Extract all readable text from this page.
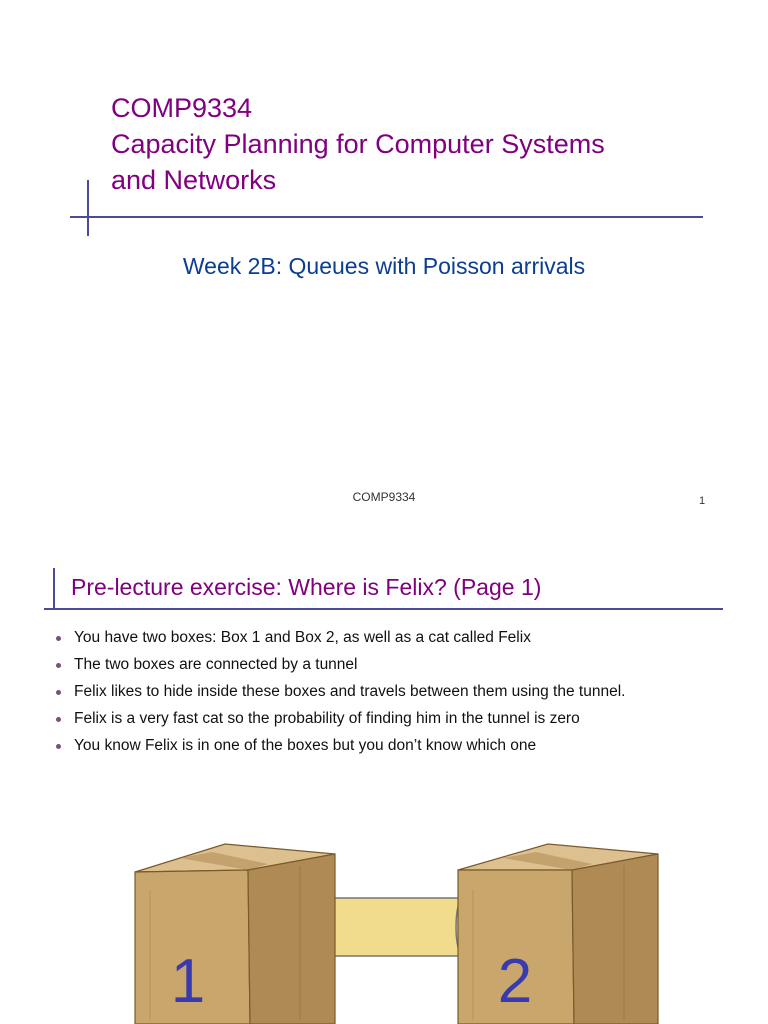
COMP9334
Capacity Planning for Computer Systems
and Networks
Week 2B: Queues with Poisson arrivals
COMP9334	1
Pre-lecture exercise: Where is Felix? (Page 1)
You have two boxes: Box 1 and Box 2, as well as a cat called Felix
The two boxes are connected by a tunnel
Felix likes to hide inside these boxes and travels between them using the tunnel.
Felix is a very fast cat so the probability of finding him in the tunnel is zero
You know Felix is in one of the boxes but you don’t know which one
1	2
